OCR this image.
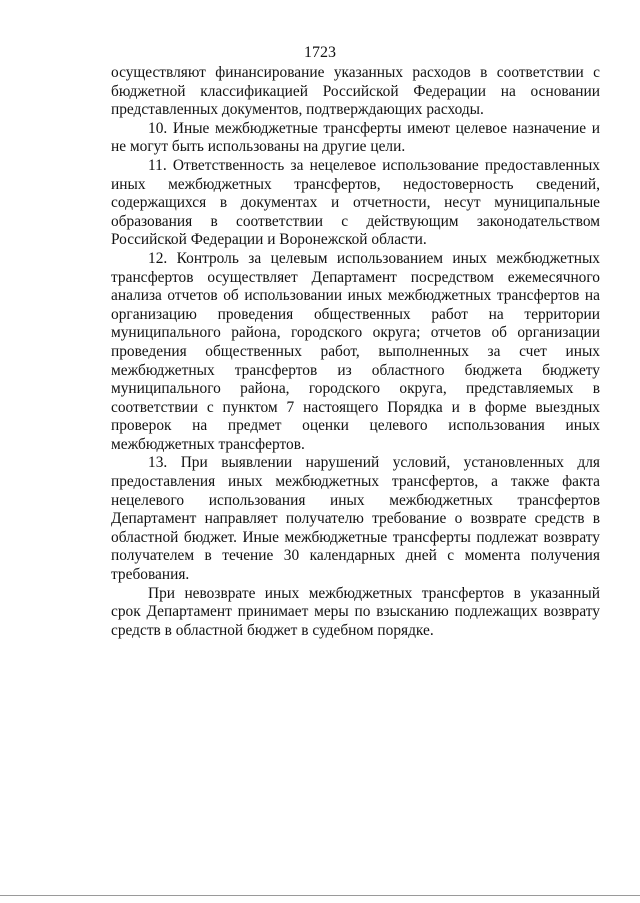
1723

осуществляют финансирование указанных расходов в соответствии с бюджетной классификацией Российской Федерации на основании представленных документов, подтверждающих расходы.

10. Иные межбюджетные трансферты имеют целевое назначение и не могут быть использованы на другие цели.

11. Ответственность за нецелевое использование предоставленных иных межбюджетных трансфертов, недостоверность сведений, содержащихся в документах и отчетности, несут муниципальные образования в соответствии с действующим законодательством Российской Федерации и Воронежской области.

12. Контроль за целевым использованием иных межбюджетных трансфертов осуществляет Департамент посредством ежемесячного анализа отчетов об использовании иных межбюджетных трансфертов на организацию проведения общественных работ на территории муниципального района, городского округа; отчетов об организации проведения общественных работ, выполненных за счет иных межбюджетных трансфертов из областного бюджета бюджету муниципального района, городского округа, представляемых в соответствии с пунктом 7 настоящего Порядка и в форме выездных проверок на предмет оценки целевого использования иных межбюджетных трансфертов.

13. При выявлении нарушений условий, установленных для предоставления иных межбюджетных трансфертов, а также факта нецелевого использования иных межбюджетных трансфертов Департамент направляет получателю требование о возврате средств в областной бюджет. Иные межбюджетные трансферты подлежат возврату получателем в течение 30 календарных дней с момента получения требования.

При невозврате иных межбюджетных трансфертов в указанный срок Департамент принимает меры по взысканию подлежащих возврату средств в областной бюджет в судебном порядке.
